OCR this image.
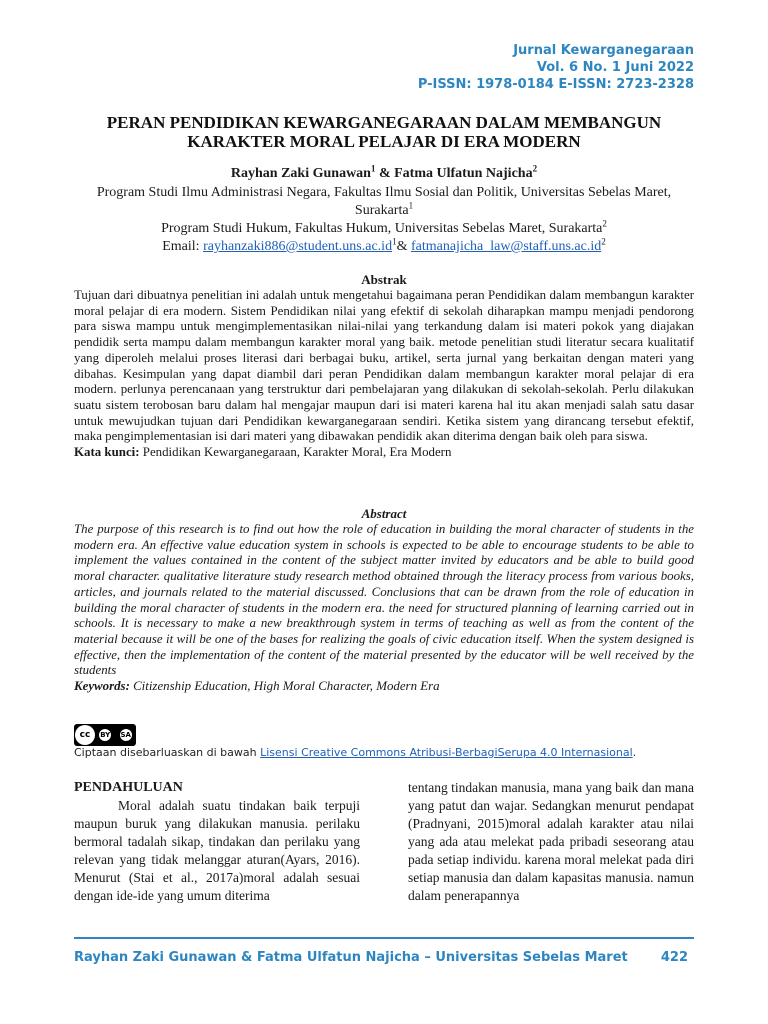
Jurnal Kewarganegaraan
Vol. 6 No. 1 Juni 2022
P-ISSN: 1978-0184 E-ISSN: 2723-2328
PERAN PENDIDIKAN KEWARGANEGARAAN DALAM MEMBANGUN
KARAKTER MORAL PELAJAR DI ERA MODERN
Rayhan Zaki Gunawan$^1$ & Fatma Ulfatun Najicha$^2$
Program Studi Ilmu Administrasi Negara, Fakultas Ilmu Sosial dan Politik, Universitas Sebelas Maret, Surakarta$^1$
Program Studi Hukum, Fakultas Hukum, Universitas Sebelas Maret, Surakarta$^2$
Email: $rayhanzaki886@student.uns.ac.id^1\&$ $fatmanajicha\_law@staff.uns.ac.id^2$
Abstrak

Tujuan dari dibuatnya penelitian ini adalah untuk mengetahui bagaimana peran Pendidikan dalam membangun karakter moral pelajar di era modern. Sistem Pendidikan nilai yang efektif di sekolah diharapkan mampu menjadi pendorong para siswa mampu untuk mengimplementasikan nilai-nilai yang terkandung dalam isi materi pokok yang diajakan pendidik serta mampu dalam membangun karakter moral yang baik. metode penelitian studi literatur secara kualitatif yang diperoleh melalui proses literasi dari berbagai buku, artikel, serta jurnal yang berkaitan dengan materi yang dibahas. Kesimpulan yang dapat diambil dari peran Pendidikan dalam membangun karakter moral pelajar di era modern. perlunya perencanaan yang terstruktur dari pembelajaran yang dilakukan di sekolah-sekolah. Perlu dilakukan suatu sistem terobosan baru dalam hal mengajar maupun dari isi materi karena hal itu akan menjadi salah satu dasar untuk mewujudkan tujuan dari Pendidikan kewarganegaraan sendiri. Ketika sistem yang dirancang tersebut efektif, maka pengimplementasian isi dari materi yang dibawakan pendidik akan diterima dengan baik oleh para siswa.

Kata kunci: Pendidikan Kewarganegaraan, Karakter Moral, Era Modern

Abstract

The purpose of this research is to find out how the role of education in building the moral character of students in the modern era. An effective value education system in schools is expected to be able to encourage students to be able to implement the values contained in the content of the subject matter invited by educators and be able to build good moral character. qualitative literature study research method obtained through the literacy process from various books, articles, and journals related to the material discussed. Conclusions that can be drawn from the role of education in building the moral character of students in the modern era. the need for structured planning of learning carried out in schools. It is necessary to make a new breakthrough system in terms of teaching as well as from the content of the material because it will be one of the bases for realizing the goals of civic education itself. When the system designed is effective, then the implementation of the content of the material presented by the educator will be well received by the students

Keywords: Citizenship Education, High Moral Character, Modern Era

cc	BY SA
Ciptaan disebarluaskan di bawah Lisensi Creative Commons Atribusi-BerbagiSerupa 4.0 Internasional.
PENDAHULUAN

Moral adalah suatu tindakan baik terpuji maupun buruk yang dilakukan manusia. perilaku bermoral tadalah sikap, tindakan dan perilaku yang relevan yang tidak melanggar aturan(Ayars, 2016). Menurut (Stai et al., 2017a)moral adalah sesuai dengan ide-ide yang umum diterima

tentang tindakan manusia, mana yang baik dan mana yang patut dan wajar. Sedangkan menurut pendapat (Pradnyani, 2015)moral adalah karakter atau nilai yang ada atau melekat pada pribadi seseorang atau pada setiap individu. karena moral melekat pada diri setiap manusia dan dalam kapasitas manusia. namun dalam penerapannya

Rayhan Zaki Gunawan & Fatma Ulfatun Najicha – Universitas Sebelas Maret	422
